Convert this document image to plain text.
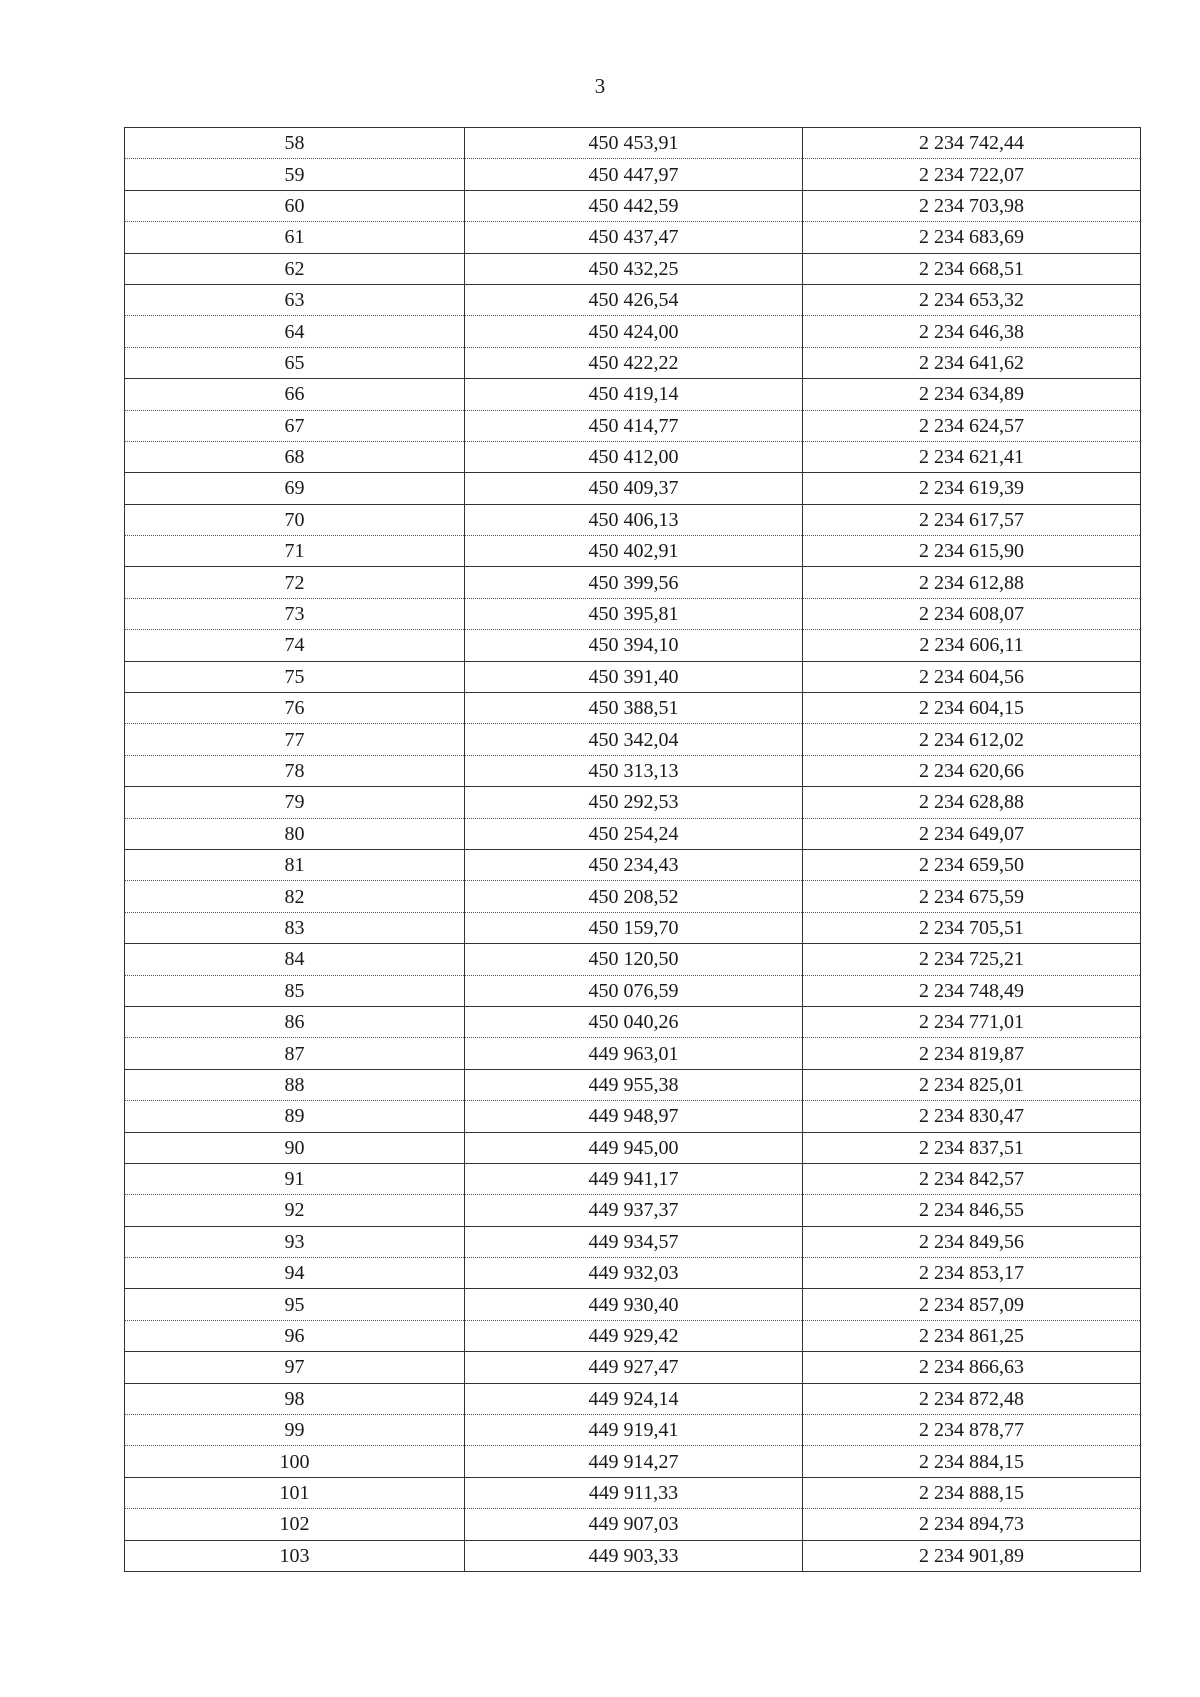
3
58	450 453,91	2 234 742,44
59	450 447,97	2 234 722,07
60	450 442,59	2 234 703,98
61	450 437,47	2 234 683,69
62	450 432,25	2 234 668,51
63	450 426,54	2 234 653,32
64	450 424,00	2 234 646,38
65	450 422,22	2 234 641,62
66	450 419,14	2 234 634,89
67	450 414,77	2 234 624,57
68	450 412,00	2 234 621,41
69	450 409,37	2 234 619,39
70	450 406,13	2 234 617,57
71	450 402,91	2 234 615,90
72	450 399,56	2 234 612,88
73	450 395,81	2 234 608,07
74	450 394,10	2 234 606,11
75	450 391,40	2 234 604,56
76	450 388,51	2 234 604,15
77	450 342,04	2 234 612,02
78	450 313,13	2 234 620,66
79	450 292,53	2 234 628,88
80	450 254,24	2 234 649,07
81	450 234,43	2 234 659,50
82	450 208,52	2 234 675,59
83	450 159,70	2 234 705,51
84	450 120,50	2 234 725,21
85	450 076,59	2 234 748,49
86	450 040,26	2 234 771,01
87	449 963,01	2 234 819,87
88	449 955,38	2 234 825,01
89	449 948,97	2 234 830,47
90	449 945,00	2 234 837,51
91	449 941,17	2 234 842,57
92	449 937,37	2 234 846,55
93	449 934,57	2 234 849,56
94	449 932,03	2 234 853,17
95	449 930,40	2 234 857,09
96	449 929,42	2 234 861,25
97	449 927,47	2 234 866,63
98	449 924,14	2 234 872,48
99	449 919,41	2 234 878,77
100	449 914,27	2 234 884,15
101	449 911,33	2 234 888,15
102	449 907,03	2 234 894,73
103	449 903,33	2 234 901,89
